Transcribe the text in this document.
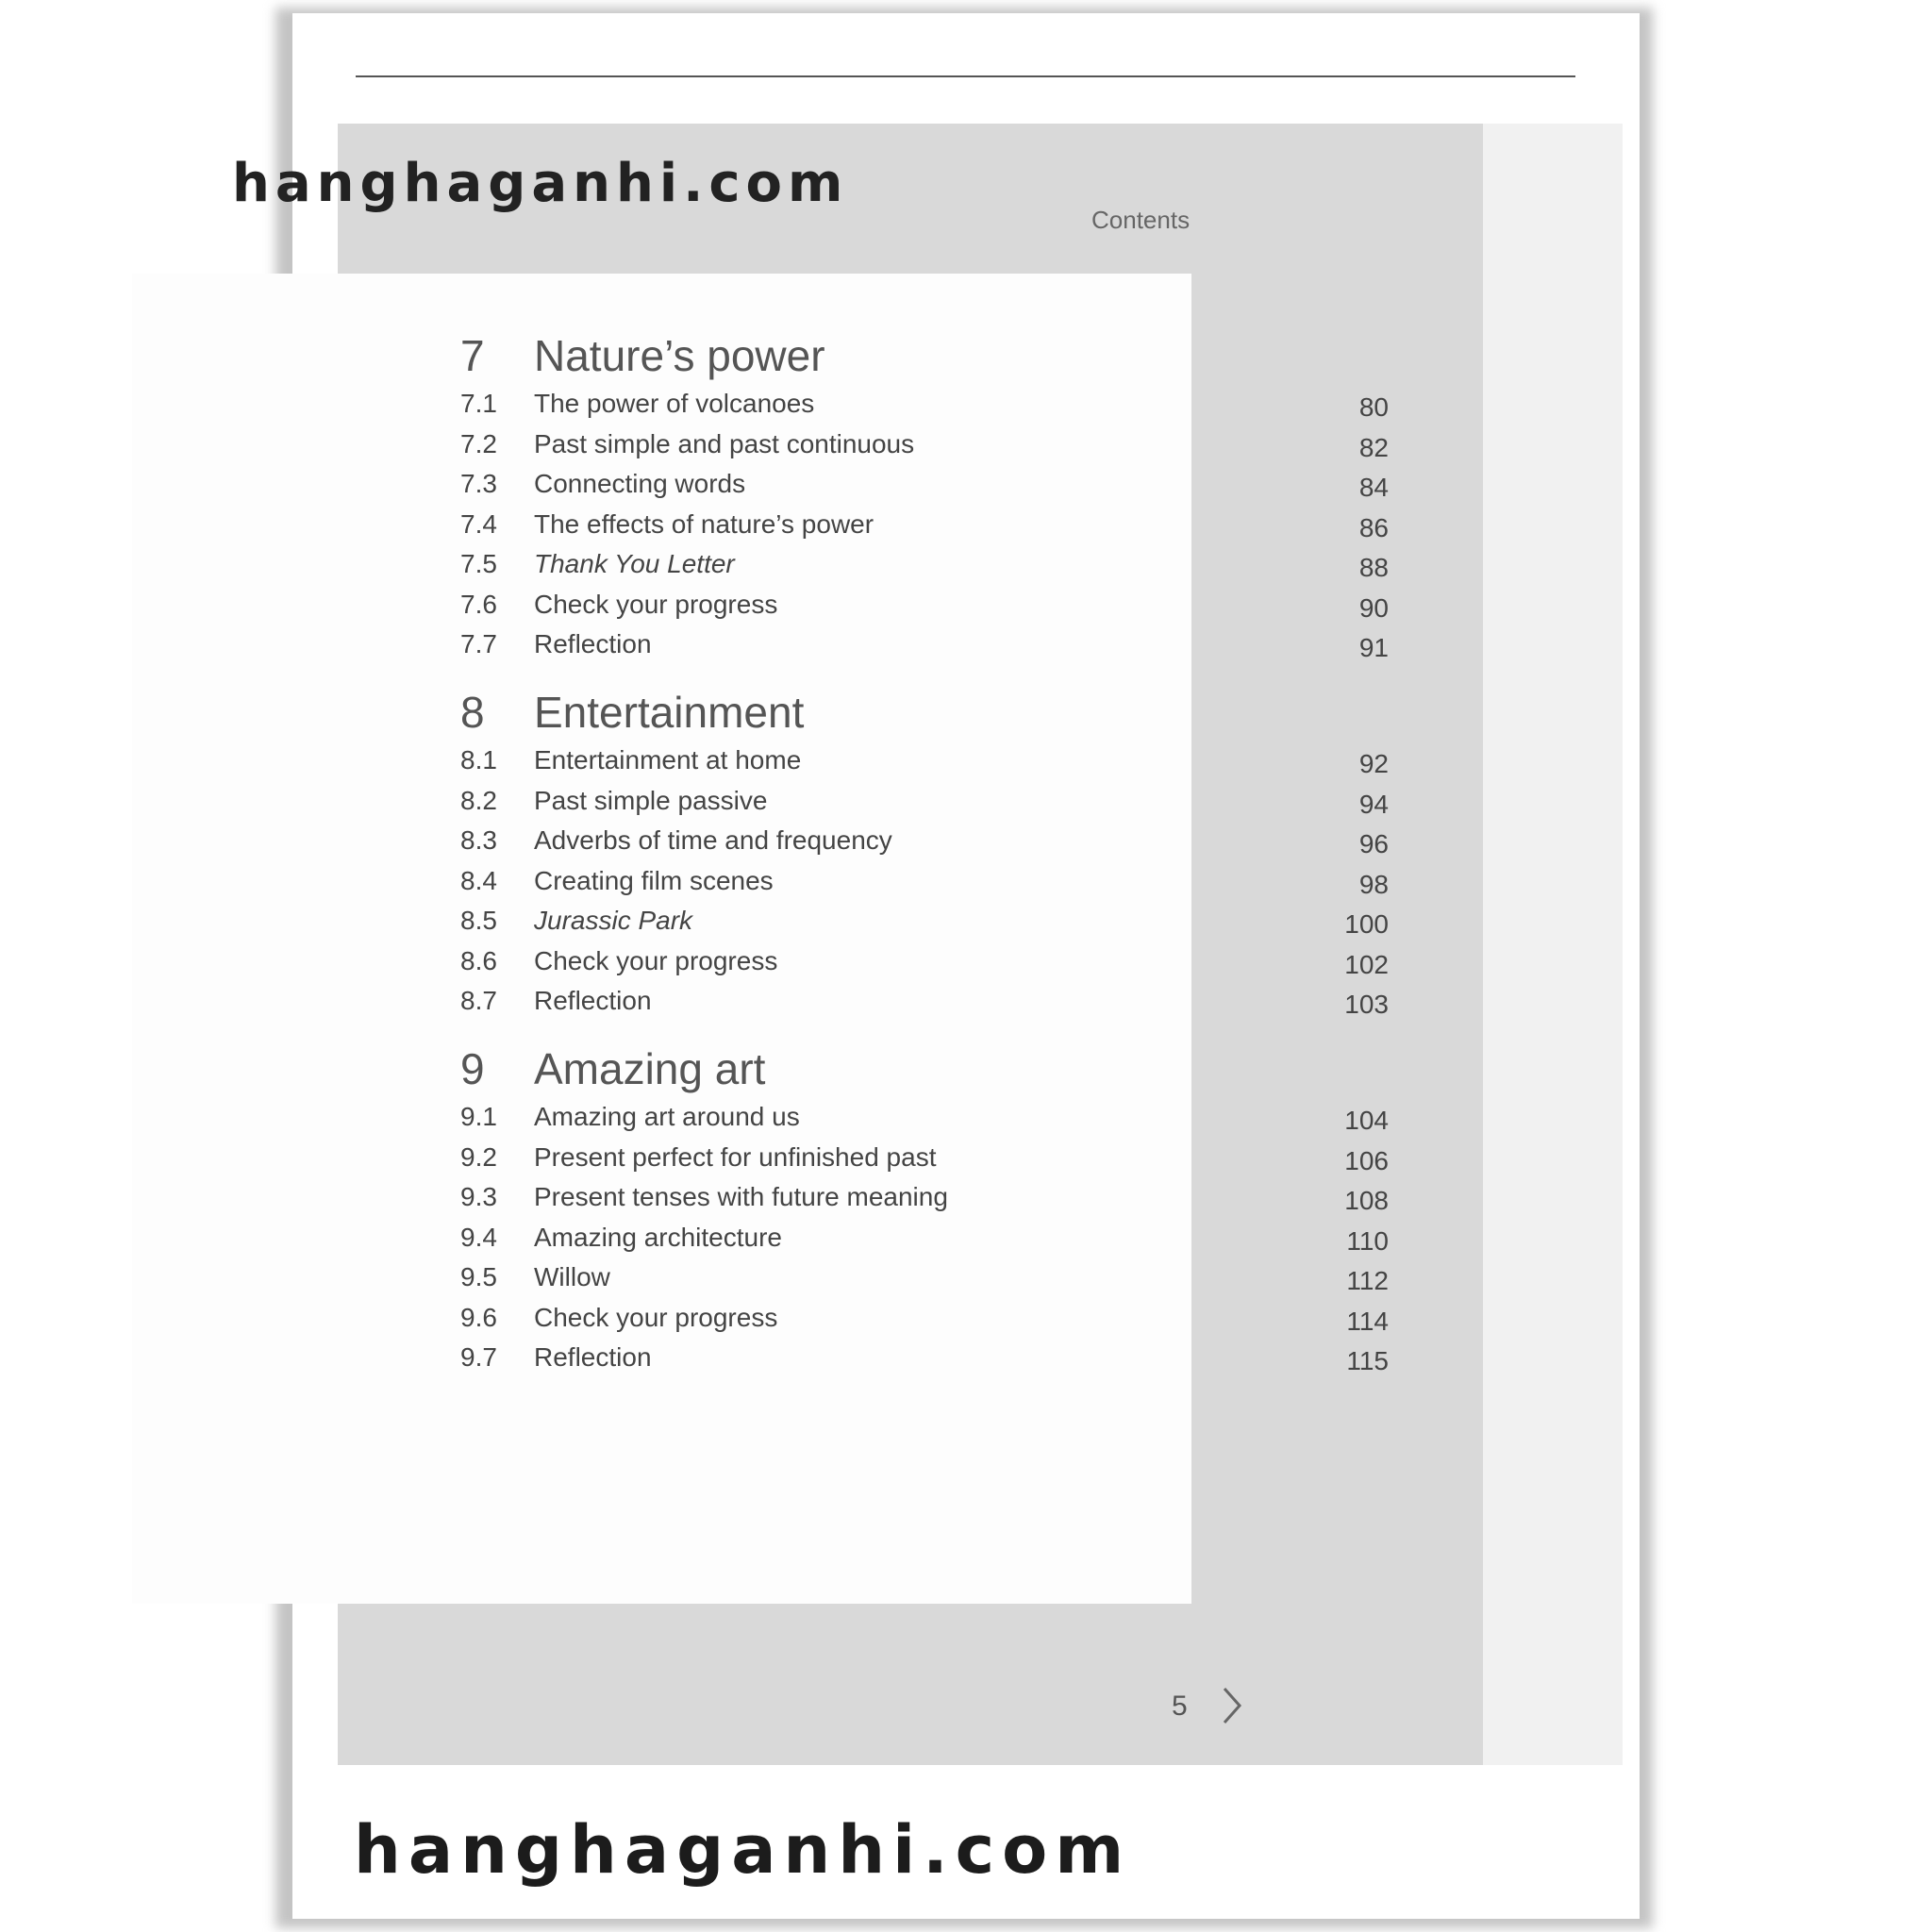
hanghaganhi.com
Contents
7 Nature’s power
7.1 The power of volcanoes	80
7.2 Past simple and past continuous	82
7.3 Connecting words	84
7.4 The effects of nature’s power	86
7.5 Thank You Letter	88
7.6 Check your progress	90
7.7 Reflection	91
8 Entertainment
8.1 Entertainment at home	92
8.2 Past simple passive	94
8.3 Adverbs of time and frequency	96
8.4 Creating film scenes	98
8.5 Jurassic Park	100
8.6 Check your progress	102
8.7 Reflection	103
9 Amazing art
9.1 Amazing art around us	104
9.2 Present perfect for unfinished past	106
9.3 Present tenses with future meaning	108
9.4 Amazing architecture	110
9.5 Willow	112
9.6 Check your progress	114
9.7 Reflection	115
5
hanghaganhi.com
